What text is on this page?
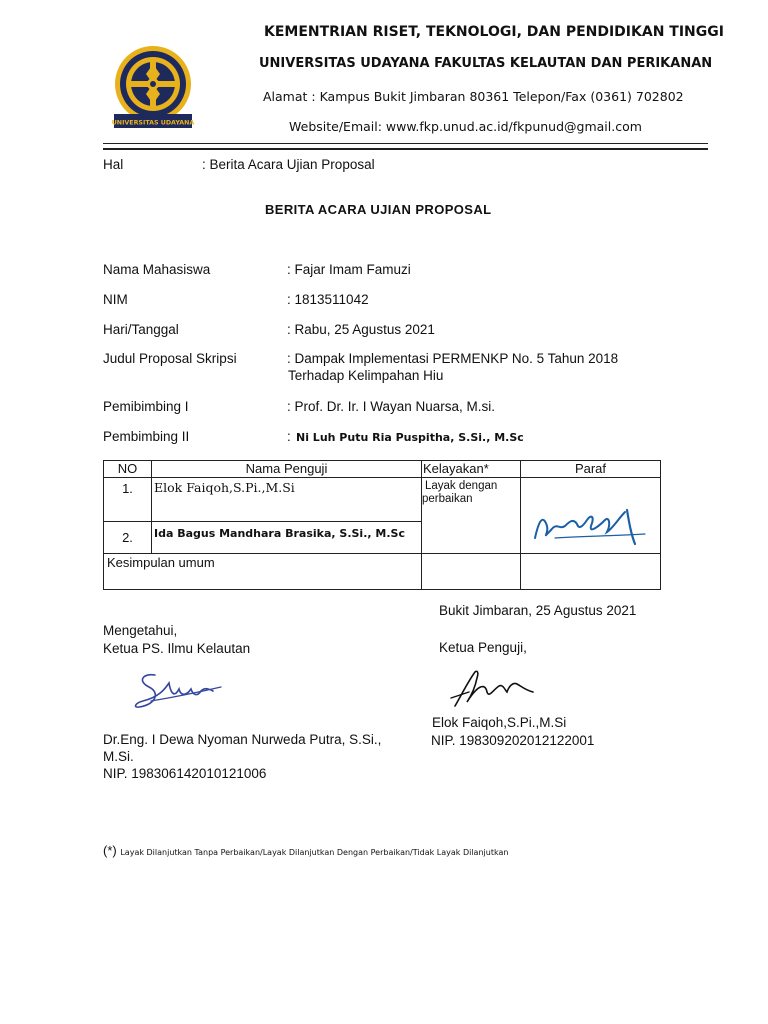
UNIVERSITAS UDAYANA
KEMENTRIAN RISET, TEKNOLOGI, DAN PENDIDIKAN TINGGI
UNIVERSITAS UDAYANA FAKULTAS KELAUTAN DAN PERIKANAN
Alamat : Kampus Bukit Jimbaran 80361 Telepon/Fax (0361) 702802
Website/Email: www.fkp.unud.ac.id/fkpunud@gmail.com
Hal	: Berita Acara Ujian Proposal
BERITA ACARA UJIAN PROPOSAL
Nama Mahasiswa	: Fajar Imam Famuzi
NIM	: 1813511042
Hari/Tanggal	: Rabu, 25 Agustus 2021
Judul Proposal Skripsi	: Dampak Implementasi PERMENKP No. 5 Tahun 2018
Terhadap Kelimpahan Hiu
Pemibimbing I	: Prof. Dr. Ir. I Wayan Nuarsa, M.si.
Pembimbing II	: Ni Luh Putu Ria Puspitha, S.Si., M.Sc
NO	Nama Penguji	Kelayakan*	Paraf
1.	Elok Faiqoh,S.Pi.,M.Si	Layak dengan
perbaikan

2.	Ida Bagus Mandhara Brasika, S.Si., M.Sc		
Kesimpulan umum			
Bukit Jimbaran, 25 Agustus 2021
Mengetahui,
Ketua PS. Ilmu Kelautan	Ketua Penguji,
Elok Faiqoh,S.Pi.,M.Si
NIP. 198309202012122001
Dr.Eng. I Dewa Nyoman Nurweda Putra, S.Si.,
M.Si.
NIP. 198306142010121006
(*) Layak Dilanjutkan Tanpa Perbaikan/Layak Dilanjutkan Dengan Perbaikan/Tidak Layak Dilanjutkan
